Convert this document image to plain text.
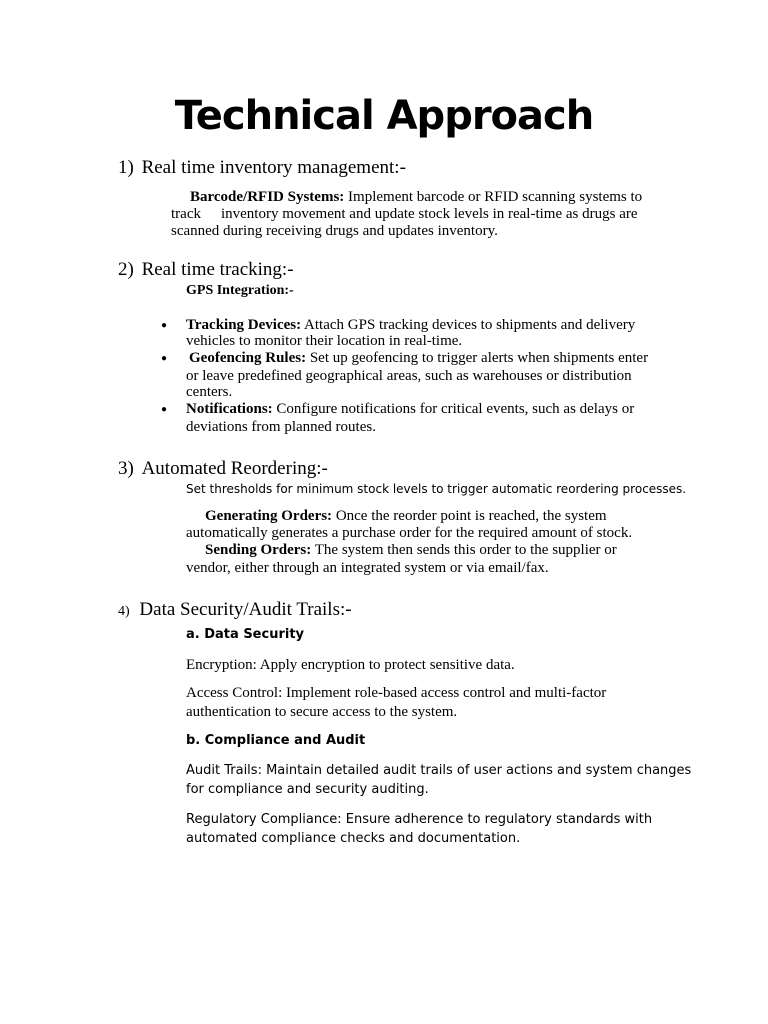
Technical Approach
1) Real time inventory management:-
Barcode/RFID Systems: Implement barcode or RFID scanning systems to
track inventory movement and update stock levels in real-time as drugs are
scanned during receiving drugs and updates inventory.
2) Real time tracking:-
GPS Integration:-
● Tracking Devices: Attach GPS tracking devices to shipments and delivery
vehicles to monitor their location in real-time.
● Geofencing Rules: Set up geofencing to trigger alerts when shipments enter
or leave predefined geographical areas, such as warehouses or distribution
centers.
● Notifications: Configure notifications for critical events, such as delays or
deviations from planned routes.
3) Automated Reordering:-
Set thresholds for minimum stock levels to trigger automatic reordering processes.
Generating Orders: Once the reorder point is reached, the system
automatically generates a purchase order for the required amount of stock.
Sending Orders: The system then sends this order to the supplier or
vendor, either through an integrated system or via email/fax.
4) Data Security/Audit Trails:-
a. Data Security
Encryption: Apply encryption to protect sensitive data.
Access Control: Implement role-based access control and multi-factor
authentication to secure access to the system.
b. Compliance and Audit
Audit Trails: Maintain detailed audit trails of user actions and system changes
for compliance and security auditing.
Regulatory Compliance: Ensure adherence to regulatory standards with
automated compliance checks and documentation.
